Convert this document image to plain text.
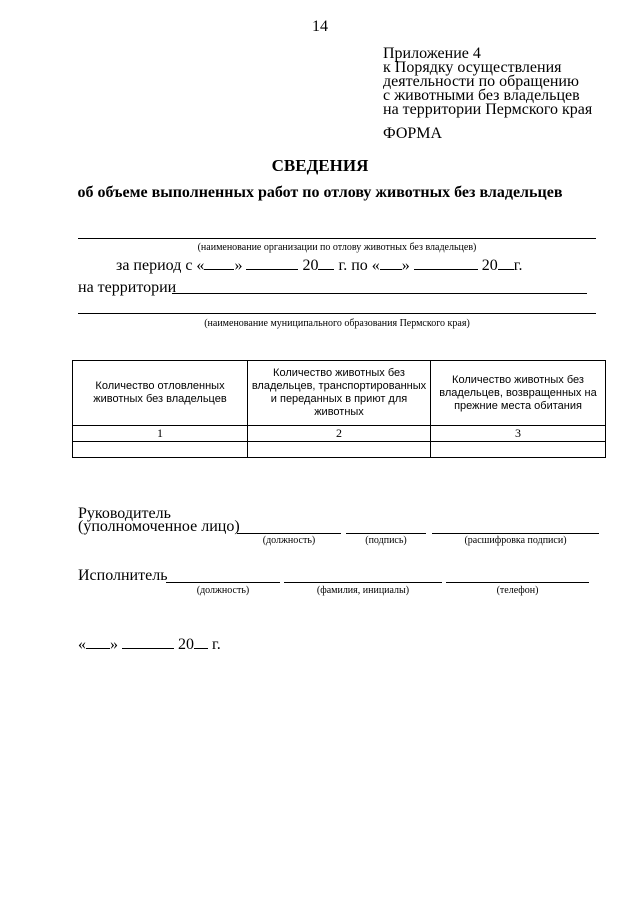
14
Приложение 4
к Порядку осуществления
деятельности по обращению
с животными без владельцев
на территории Пермского края
ФОРМА
СВЕДЕНИЯ
об объеме выполненных работ по отлову животных без владельцев
(наименование организации по отлову животных без владельцев)
за период с « »	20 г. по « »	20 г.
на территории
(наименование муниципального образования Пермского края)
Количество отловленных животных без владельцев	Количество животных без владельцев, транспортированных и переданных в приют для животных	Количество животных без владельцев, возвращенных на прежние места обитания
1	2	3

Руководитель
(уполномоченное лицо)
(должность)	(подпись)	(расшифровка подписи)
Исполнитель
(должность)	(фамилия, инициалы)	(телефон)
« »	20 г.
